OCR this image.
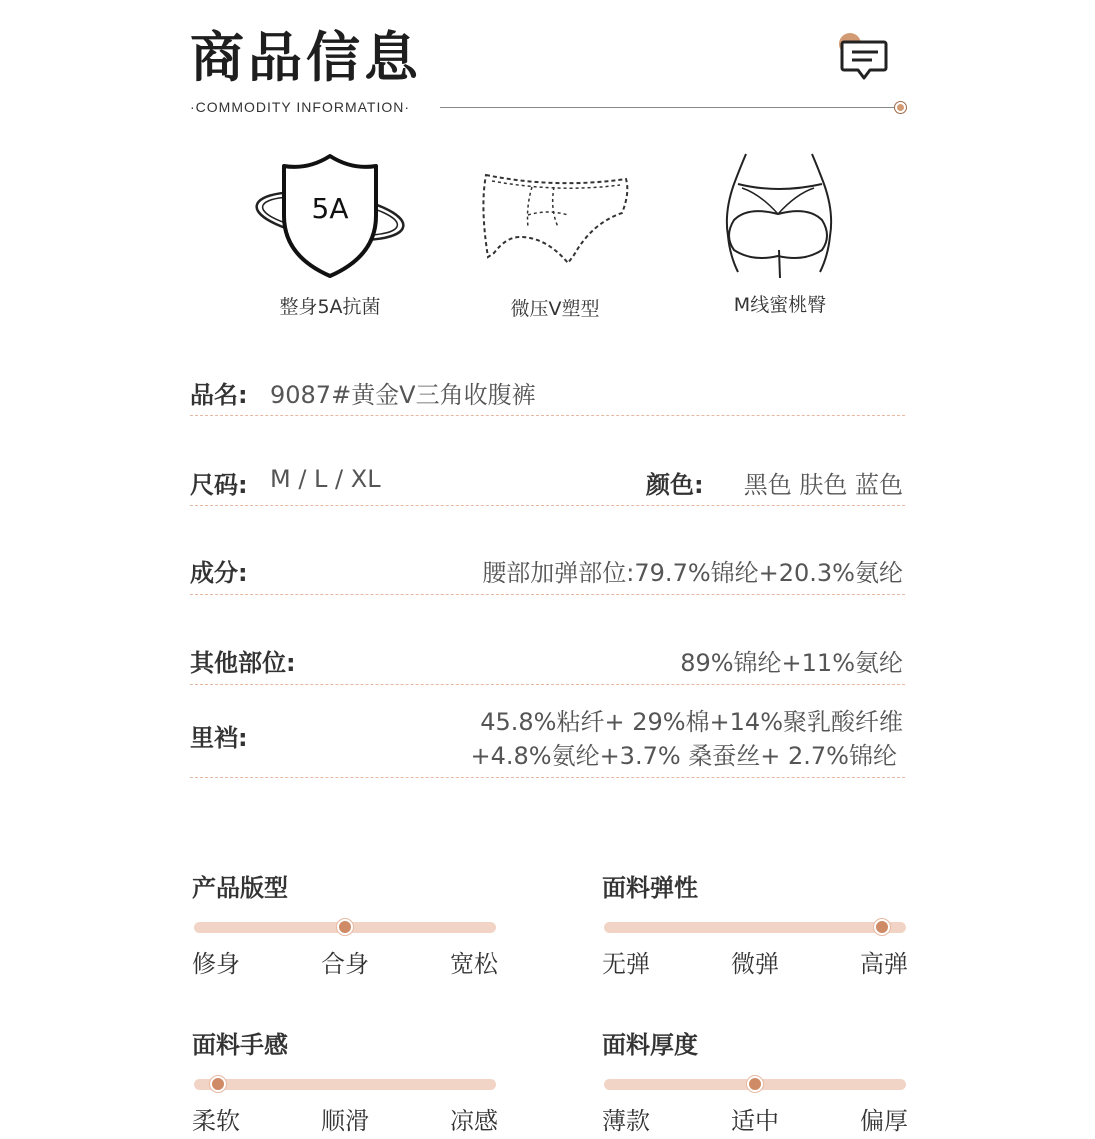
商品信息
·COMMODITY INFORMATION·
5A
整身5A抗菌	微压V塑型	M线蜜桃臀
品名: 9087#黄金V三角收腹裤
尺码: M / L / XL	颜色: 黑色 肤色 蓝色
成分:	腰部加弹部位:79.7%锦纶+20.3%氨纶
其他部位:	89%锦纶+11%氨纶
里裆:
45.8%粘纤+ 29%棉+14%聚乳酸纤维
+4.8%氨纶+3.7% 桑蚕丝+ 2.7%锦纶
产品版型
修身	合身	宽松
面料弹性
无弹	微弹	高弹
面料手感
柔软	顺滑	凉感
面料厚度
薄款	适中	偏厚
